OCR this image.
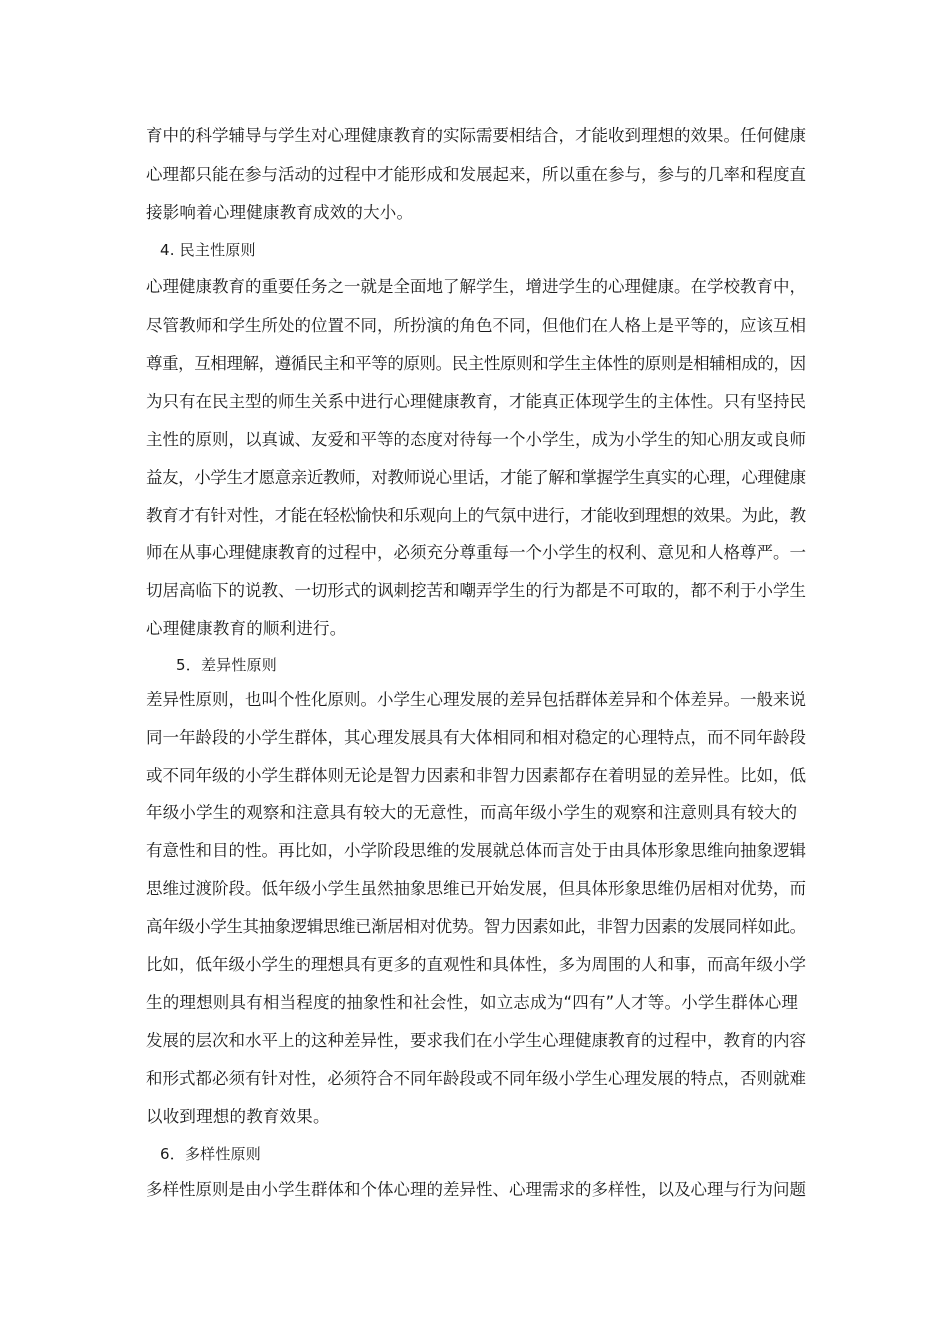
育中的科学辅导与学生对心理健康教育的实际需要相结合，才能收到理想的效果。任何健康
心理都只能在参与活动的过程中才能形成和发展起来，所以重在参与，参与的几率和程度直
接影响着心理健康教育成效的大小。
4. 民主性原则
心理健康教育的重要任务之一就是全面地了解学生，增进学生的心理健康。在学校教育中，
尽管教师和学生所处的位置不同，所扮演的角色不同，但他们在人格上是平等的，应该互相
尊重，互相理解，遵循民主和平等的原则。民主性原则和学生主体性的原则是相辅相成的，因
为只有在民主型的师生关系中进行心理健康教育，才能真正体现学生的主体性。只有坚持民
主性的原则，以真诚、友爱和平等的态度对待每一个小学生，成为小学生的知心朋友或良师
益友，小学生才愿意亲近教师，对教师说心里话，才能了解和掌握学生真实的心理，心理健康
教育才有针对性，才能在轻松愉快和乐观向上的气氛中进行，才能收到理想的效果。为此，教
师在从事心理健康教育的过程中，必须充分尊重每一个小学生的权利、意见和人格尊严。一
切居高临下的说教、一切形式的讽刺挖苦和嘲弄学生的行为都是不可取的，都不利于小学生
心理健康教育的顺利进行。
5．差异性原则
差异性原则，也叫个性化原则。小学生心理发展的差异包括群体差异和个体差异。一般来说
同一年龄段的小学生群体，其心理发展具有大体相同和相对稳定的心理特点，而不同年龄段
或不同年级的小学生群体则无论是智力因素和非智力因素都存在着明显的差异性。比如，低
年级小学生的观察和注意具有较大的无意性，而高年级小学生的观察和注意则具有较大的
有意性和目的性。再比如，小学阶段思维的发展就总体而言处于由具体形象思维向抽象逻辑
思维过渡阶段。低年级小学生虽然抽象思维已开始发展，但具体形象思维仍居相对优势，而
高年级小学生其抽象逻辑思维已渐居相对优势。智力因素如此，非智力因素的发展同样如此。
比如，低年级小学生的理想具有更多的直观性和具体性，多为周围的人和事，而高年级小学
生的理想则具有相当程度的抽象性和社会性，如立志成为“四有”人才等。小学生群体心理
发展的层次和水平上的这种差异性，要求我们在小学生心理健康教育的过程中，教育的内容
和形式都必须有针对性，必须符合不同年龄段或不同年级小学生心理发展的特点，否则就难
以收到理想的教育效果。
6．多样性原则
多样性原则是由小学生群体和个体心理的差异性、心理需求的多样性，以及心理与行为问题
